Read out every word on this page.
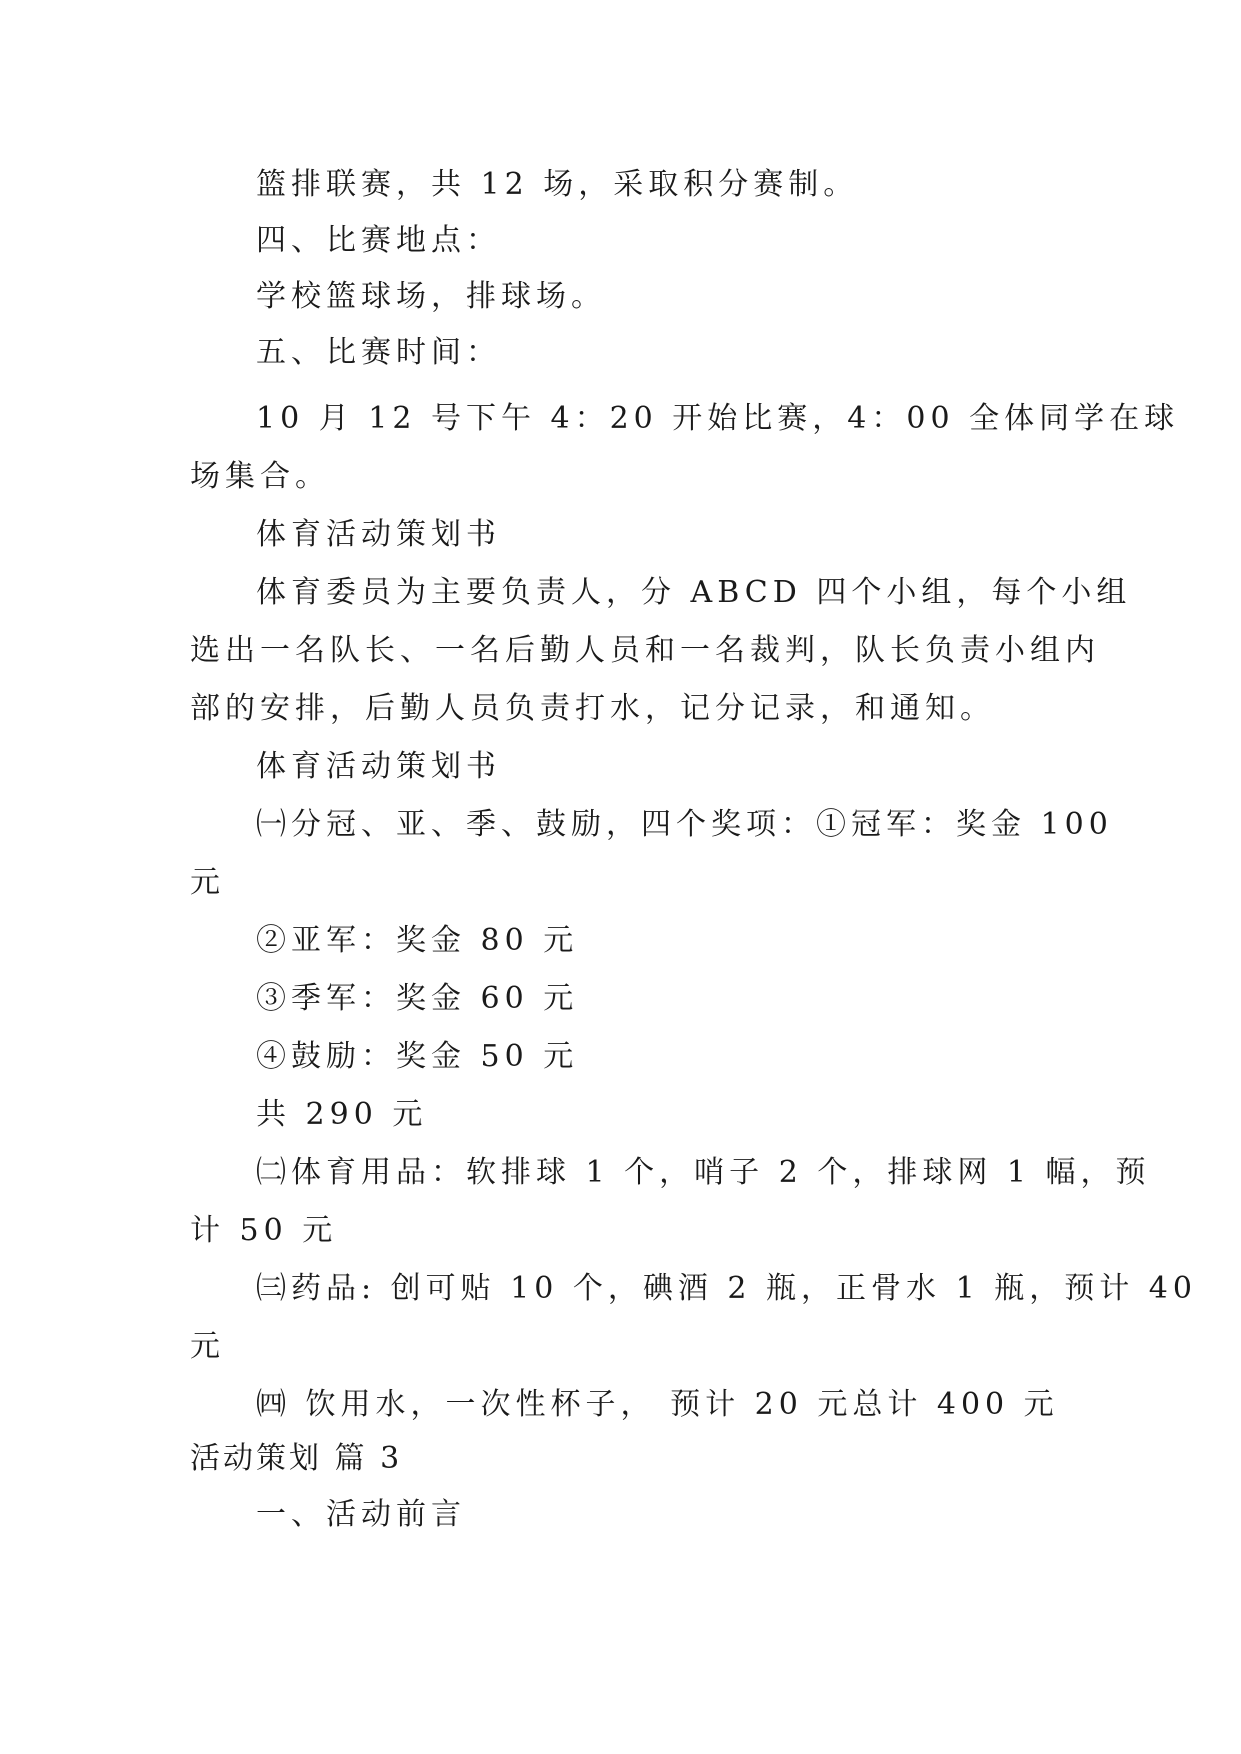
篮排联赛，共 12 场，采取积分赛制。
四、比赛地点：
学校篮球场，排球场。
五、比赛时间：
10 月 12 号下午 4：20 开始比赛，4：00 全体同学在球
场集合。
体育活动策划书
体育委员为主要负责人，分 ABCD 四个小组，每个小组
选出一名队长、一名后勤人员和一名裁判，队长负责小组内
部的安排，后勤人员负责打水，记分记录，和通知。
体育活动策划书
㈠分冠、亚、季、鼓励，四个奖项：①冠军：奖金 100
元
②亚军：奖金 80 元
③季军：奖金 60 元
④鼓励：奖金 50 元
共 290 元
㈡体育用品：软排球 1 个，哨子 2 个，排球网 1 幅，预
计 50 元
㈢药品: 创可贴 10 个，碘酒 2 瓶，正骨水 1 瓶，预计 40
元
㈣ 饮用水，一次性杯子， 预计 20 元总计 400 元
活动策划 篇 3
一、活动前言
